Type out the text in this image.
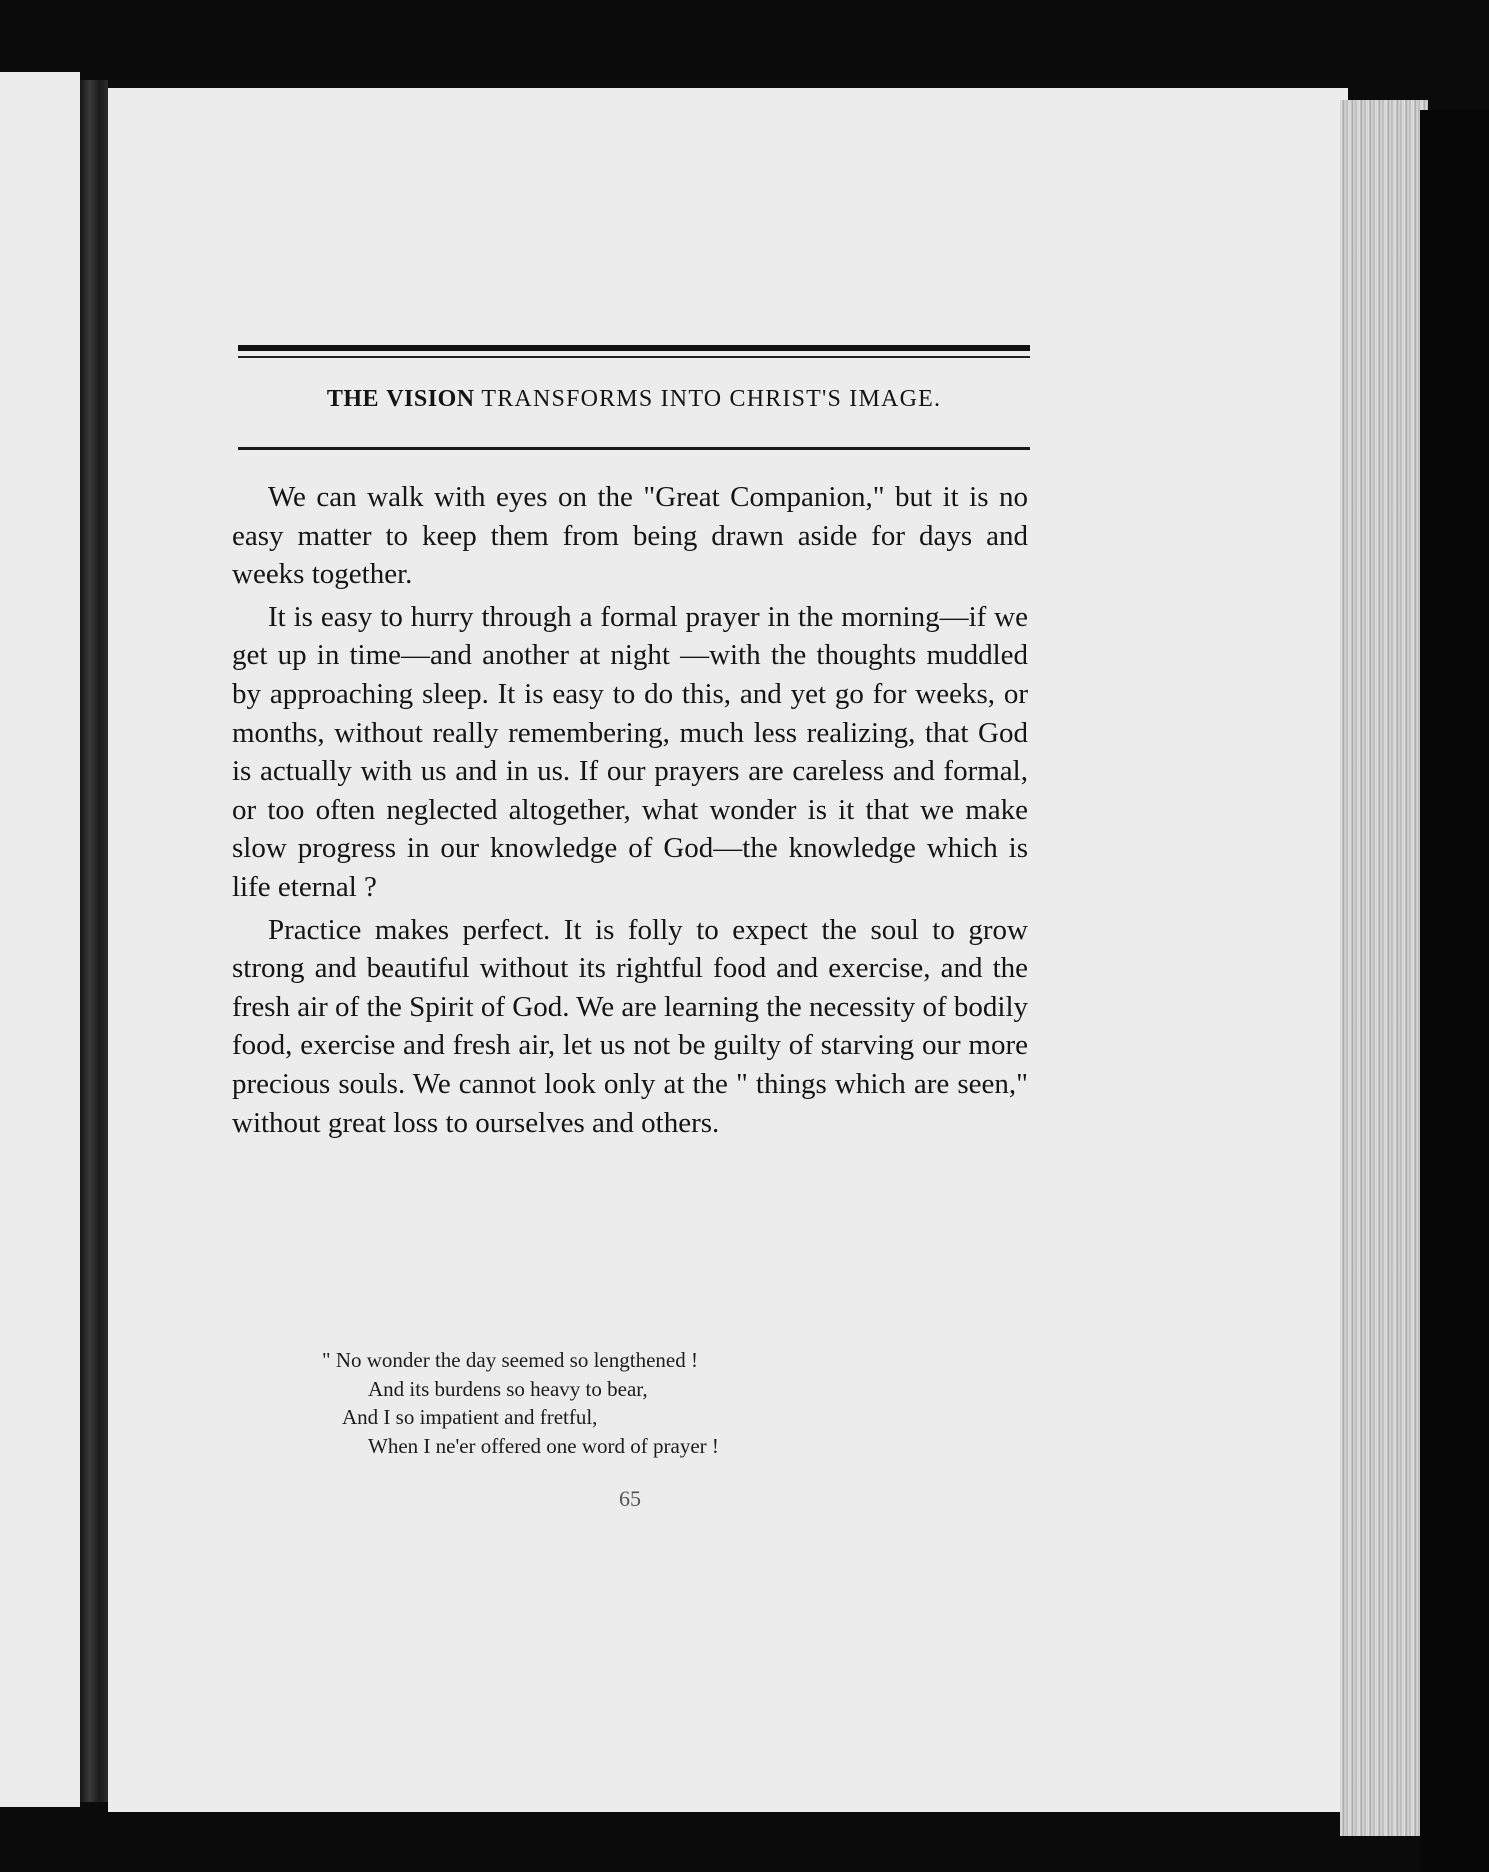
THE VISION TRANSFORMS INTO CHRIST'S IMAGE.

We can walk with eyes on the "Great Companion," but it is no easy matter to keep them from being drawn aside for days and weeks together.

It is easy to hurry through a formal prayer in the morning—if we get up in time—and another at night —with the thoughts muddled by approaching sleep. It is easy to do this, and yet go for weeks, or months, without really remembering, much less realizing, that God is actually with us and in us. If our prayers are careless and formal, or too often neglected altogether, what wonder is it that we make slow progress in our knowledge of God—the knowledge which is life eternal ?

Practice makes perfect. It is folly to expect the soul to grow strong and beautiful without its rightful food and exercise, and the fresh air of the Spirit of God. We are learning the necessity of bodily food, exercise and fresh air, let us not be guilty of starving our more precious souls. We cannot look only at the " things which are seen," without great loss to ourselves and others.

" No wonder the day seemed so lengthened !
And its burdens so heavy to bear,
And I so impatient and fretful,
When I ne'er offered one word of prayer !
65
